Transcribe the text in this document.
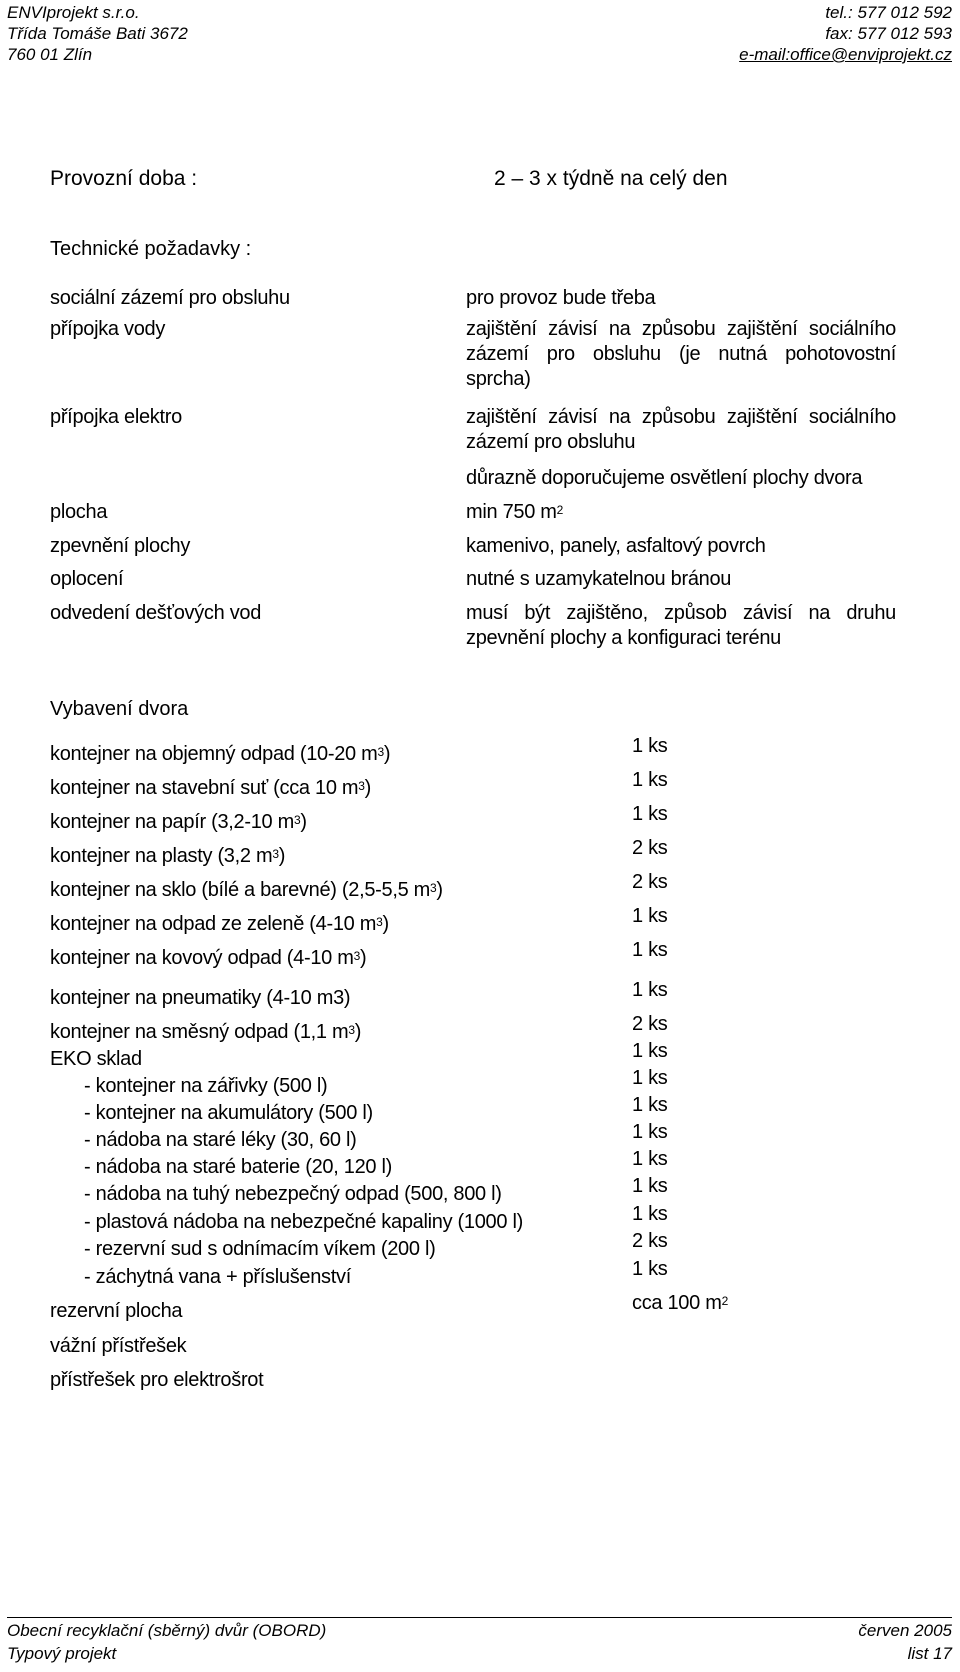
ENVIprojekt s.r.o.
Třída Tomáše Bati 3672
760 01 Zlín
tel.: 577 012 592
fax: 577 012 593
e-mail:office@enviprojekt.cz
Provozní doba :	2 – 3 x týdně na celý den
Technické požadavky :
sociální zázemí pro obsluhu	pro provoz bude třeba
přípojka vody	zajištění závisí na způsobu zajištění sociálního zázemí pro obsluhu (je nutná pohotovostní sprcha)
přípojka elektro	zajištění závisí na způsobu zajištění sociálního zázemí pro obsluhu
důrazně doporučujeme osvětlení plochy dvora
plocha	min 750 $m^2$
zpevnění plochy	kamenivo, panely, asfaltový povrch
oplocení	nutné s uzamykatelnou bránou
odvedení dešťových vod	musí být zajištěno, způsob závisí na druhu zpevnění plochy a konfiguraci terénu
Vybavení dvora
kontejner na objemný odpad (10-20 $m^3$)	1 ks
kontejner na stavební suť (cca 10 $m^3$)	1 ks
kontejner na papír (3,2-10 $m^3$)	1 ks
kontejner na plasty (3,2 $m^3$)	2 ks
kontejner na sklo (bílé a barevné) (2,5-5,5 $m^3$)	2 ks
kontejner na odpad ze zeleně (4-10 $m^3$)	1 ks
kontejner na kovový odpad (4-10 $m^3$)	1 ks
kontejner na pneumatiky (4-10 m3)	1 ks
kontejner na směsný odpad (1,1 $m^3$)	2 ks
EKO sklad	1 ks
- kontejner na zářivky (500 l)	1 ks
- kontejner na akumulátory (500 l)	1 ks
- nádoba na staré léky (30, 60 l)	1 ks
- nádoba na staré baterie (20, 120 l)	1 ks
- nádoba na tuhý nebezpečný odpad (500, 800 l)	1 ks
- plastová nádoba na nebezpečné kapaliny (1000 l)	1 ks
- rezervní sud s odnímacím víkem (200 l)	2 ks
- záchytná vana + příslušenství	1 ks
rezervní plocha	cca 100 $m^2$
vážní přístřešek
přístřešek pro elektrošrot
Obecní recyklační (sběrný) dvůr (OBORD)
Typový projekt
červen 2005
list 17
